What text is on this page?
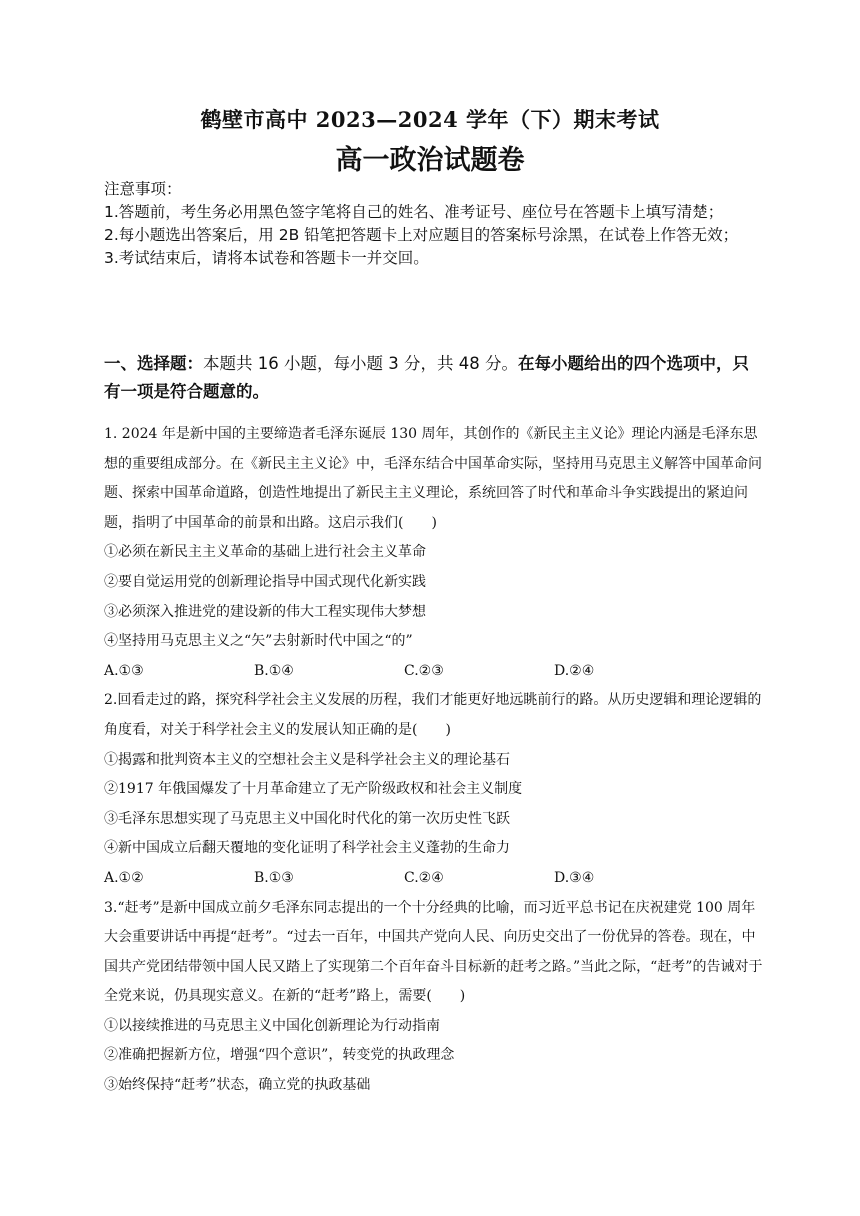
鹤壁市高中 2023—2024 学年（下）期末考试
高一政治试题卷
注意事项：
1.答题前，考生务必用黑色签字笔将自己的姓名、准考证号、座位号在答题卡上填写清楚；
2.每小题选出答案后，用 2B 铅笔把答题卡上对应题目的答案标号涂黑，在试卷上作答无效；
3.考试结束后，请将本试卷和答题卡一并交回。
一、选择题：本题共 16 小题，每小题 3 分，共 48 分。在每小题给出的四个选项中，只有一项是符合题意的。

1. 2024 年是新中国的主要缔造者毛泽东诞辰 130 周年，其创作的《新民主主义论》理论内涵是毛泽东思想的重要组成部分。在《新民主主义论》中，毛泽东结合中国革命实际，坚持用马克思主义解答中国革命问题、探索中国革命道路，创造性地提出了新民主主义理论，系统回答了时代和革命斗争实践提出的紧迫问题，指明了中国革命的前景和出路。这启示我们(　　)

①必须在新民主主义革命的基础上进行社会主义革命

②要自觉运用党的创新理论指导中国式现代化新实践

③必须深入推进党的建设新的伟大工程实现伟大梦想

④坚持用马克思主义之“矢”去射新时代中国之“的”

A.①③	B.①④	C.②③	D.②④

2.回看走过的路，探究科学社会主义发展的历程，我们才能更好地远眺前行的路。从历史逻辑和理论逻辑的角度看，对关于科学社会主义的发展认知正确的是(　　)

①揭露和批判资本主义的空想社会主义是科学社会主义的理论基石

②1917 年俄国爆发了十月革命建立了无产阶级政权和社会主义制度

③毛泽东思想实现了马克思主义中国化时代化的第一次历史性飞跃

④新中国成立后翻天覆地的变化证明了科学社会主义蓬勃的生命力

A.①②	B.①③	C.②④	D.③④

3.“赶考”是新中国成立前夕毛泽东同志提出的一个十分经典的比喻，而习近平总书记在庆祝建党 100 周年大会重要讲话中再提“赶考”。“过去一百年，中国共产党向人民、向历史交出了一份优异的答卷。现在，中国共产党团结带领中国人民又踏上了实现第二个百年奋斗目标新的赶考之路。”当此之际，“赶考”的告诫对于全党来说，仍具现实意义。在新的“赶考”路上，需要(　　)

①以接续推进的马克思主义中国化创新理论为行动指南

②准确把握新方位，增强“四个意识”，转变党的执政理念

③始终保持“赶考”状态，确立党的执政基础
